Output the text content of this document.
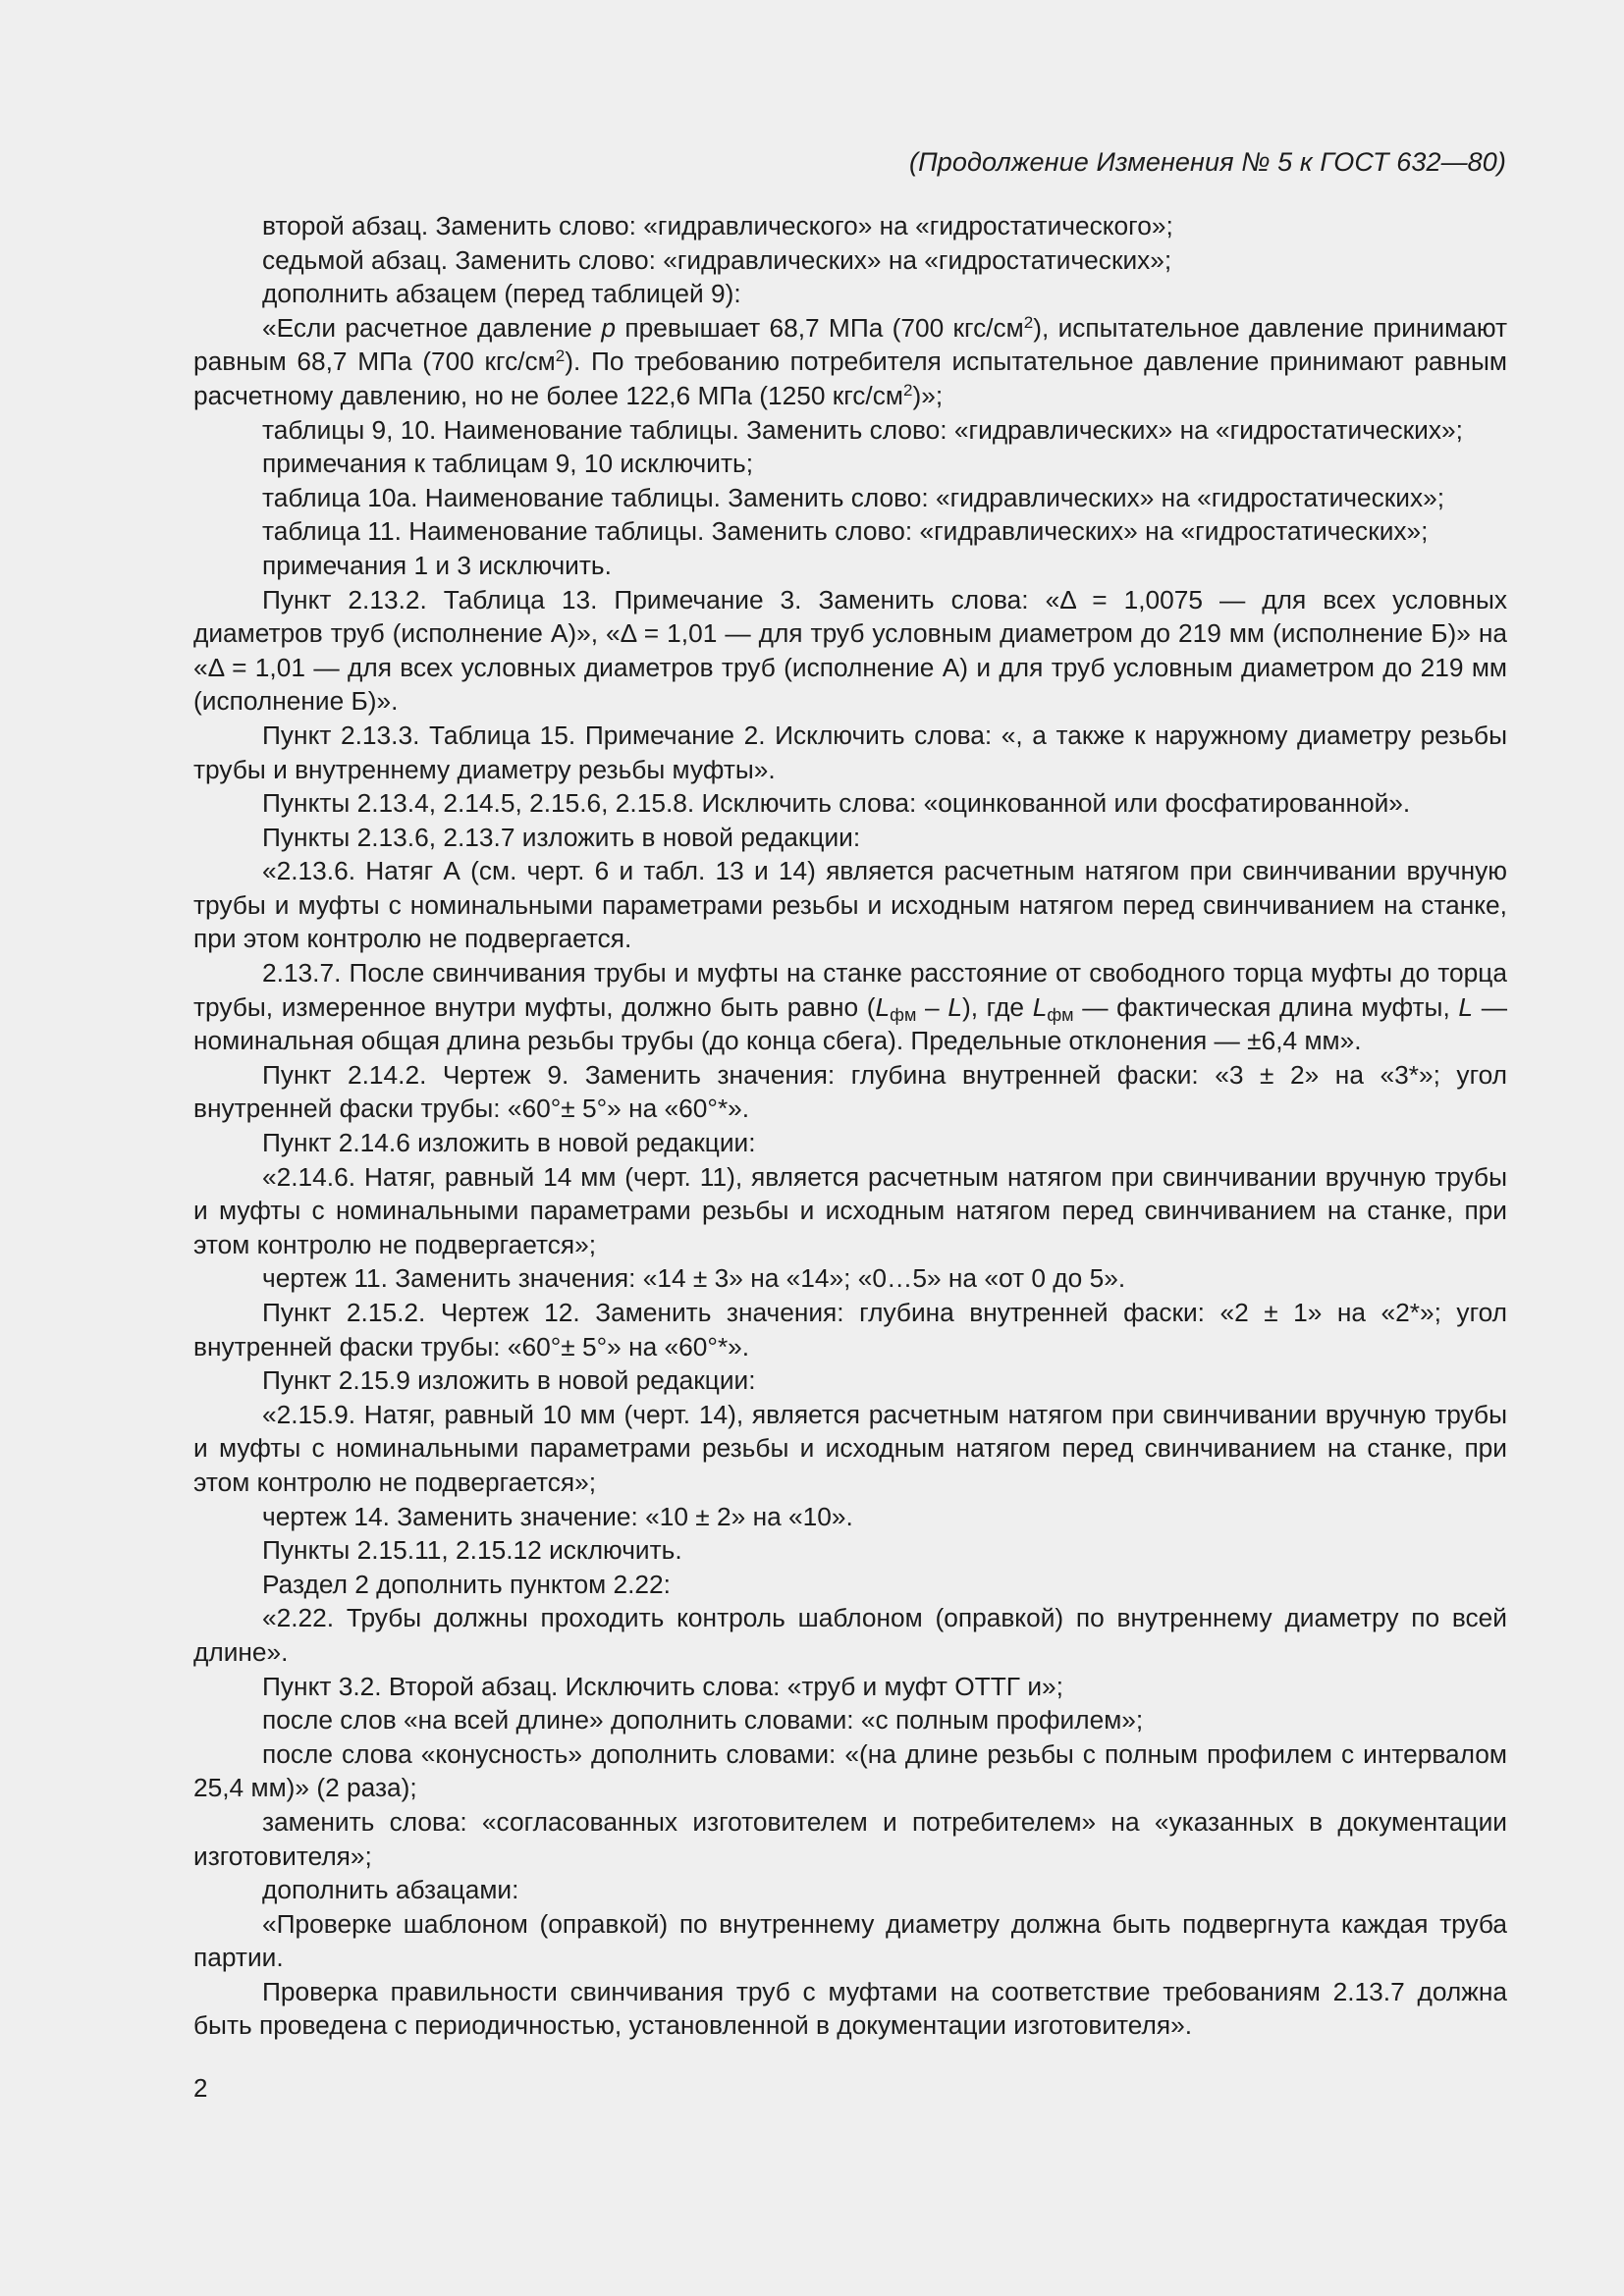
(Продолжение Изменения № 5 к ГОСТ 632—80)

второй абзац. Заменить слово: «гидравлического» на «гидростатического»;

седьмой абзац. Заменить слово: «гидравлических» на «гидростатических»;

дополнить абзацем (перед таблицей 9):

«Если расчетное давление p превышает 68,7 МПа (700 кгс/$см^2$), испытательное давление принимают равным 68,7 МПа (700 кгс/$см^2$). По требованию потребителя испытательное давление принимают равным расчетному давлению, но не более 122,6 МПа (1250 кгс/$см^2$)»;

таблицы 9, 10. Наименование таблицы. Заменить слово: «гидравлических» на «гидростатических»;

примечания к таблицам 9, 10 исключить;

таблица 10а. Наименование таблицы. Заменить слово: «гидравлических» на «гидростатических»;

таблица 11. Наименование таблицы. Заменить слово: «гидравлических» на «гидростатических»;

примечания 1 и 3 исключить.

Пункт 2.13.2. Таблица 13. Примечание 3. Заменить слова: «Δ = 1,0075 — для всех условных диаметров труб (исполнение А)», «Δ = 1,01 — для труб условным диаметром до 219 мм (исполнение Б)» на «Δ = 1,01 — для всех условных диаметров труб (исполнение А) и для труб условным диаметром до 219 мм (исполнение Б)».

Пункт 2.13.3. Таблица 15. Примечание 2. Исключить слова: «, а также к наружному диаметру резьбы трубы и внутреннему диаметру резьбы муфты».

Пункты 2.13.4, 2.14.5, 2.15.6, 2.15.8. Исключить слова: «оцинкованной или фосфатированной».

Пункты 2.13.6, 2.13.7 изложить в новой редакции:

«2.13.6. Натяг А (см. черт. 6 и табл. 13 и 14) является расчетным натягом при свинчивании вручную трубы и муфты с номинальными параметрами резьбы и исходным натягом перед свинчиванием на станке, при этом контролю не подвергается.

2.13.7. После свинчивания трубы и муфты на станке расстояние от свободного торца муфты до торца трубы, измеренное внутри муфты, должно быть равно $(L_{фм} - L)$, где $L_{фм}$ — фактическая длина муфты, L — номинальная общая длина резьбы трубы (до конца сбега). Предельные отклонения — ±6,4 мм».

Пункт 2.14.2. Чертеж 9. Заменить значения: глубина внутренней фаски: «3 ± 2» на «3*»; угол внутренней фаски трубы: «60°± 5°» на «60°*».

Пункт 2.14.6 изложить в новой редакции:

«2.14.6. Натяг, равный 14 мм (черт. 11), является расчетным натягом при свинчивании вручную трубы и муфты с номинальными параметрами резьбы и исходным натягом перед свинчиванием на станке, при этом контролю не подвергается»;

чертеж 11. Заменить значения: «14 ± 3» на «14»; «0…5» на «от 0 до 5».

Пункт 2.15.2. Чертеж 12. Заменить значения: глубина внутренней фаски: «2 ± 1» на «2*»; угол внутренней фаски трубы: «60°± 5°» на «60°*».

Пункт 2.15.9 изложить в новой редакции:

«2.15.9. Натяг, равный 10 мм (черт. 14), является расчетным натягом при свинчивании вручную трубы и муфты с номинальными параметрами резьбы и исходным натягом перед свинчиванием на станке, при этом контролю не подвергается»;

чертеж 14. Заменить значение: «10 ± 2» на «10».

Пункты 2.15.11, 2.15.12 исключить.

Раздел 2 дополнить пунктом 2.22:

«2.22. Трубы должны проходить контроль шаблоном (оправкой) по внутреннему диаметру по всей длине».

Пункт 3.2. Второй абзац. Исключить слова: «труб и муфт ОТТГ и»;

после слов «на всей длине» дополнить словами: «с полным профилем»;

после слова «конусность» дополнить словами: «(на длине резьбы с полным профилем с интервалом 25,4 мм)» (2 раза);

заменить слова: «согласованных изготовителем и потребителем» на «указанных в документации изготовителя»;

дополнить абзацами:

«Проверке шаблоном (оправкой) по внутреннему диаметру должна быть подвергнута каждая труба партии.

Проверка правильности свинчивания труб с муфтами на соответствие требованиям 2.13.7 должна быть проведена с периодичностью, установленной в документации изготовителя».

2
